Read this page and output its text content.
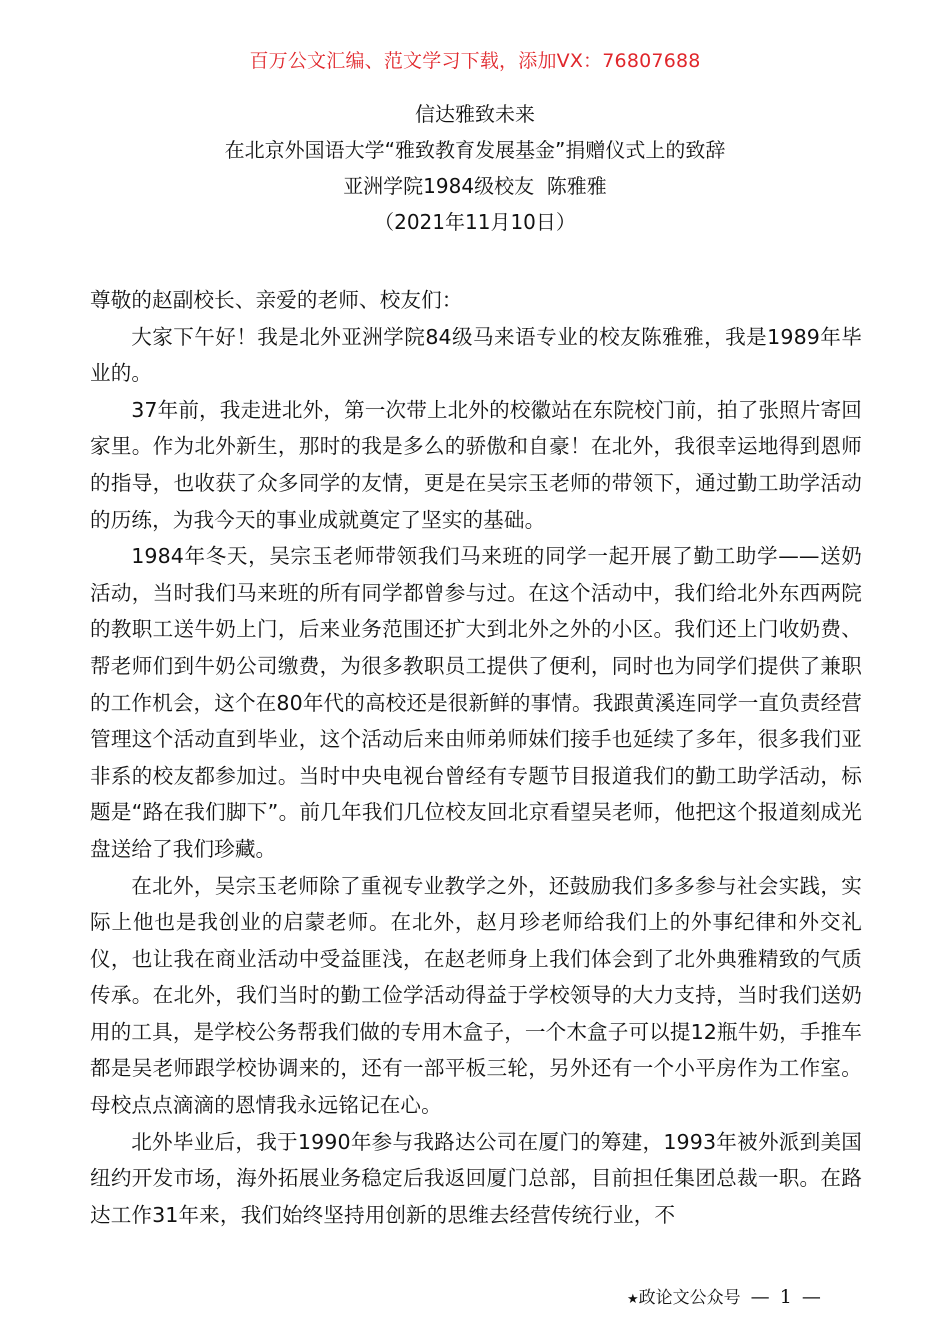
百万公文汇编、范文学习下载，添加VX：76807688
信达雅致未来
在北京外国语大学“雅致教育发展基金”捐赠仪式上的致辞
亚洲学院1984级校友  陈雅雅
（2021年11月10日）

尊敬的赵副校长、亲爱的老师、校友们：

大家下午好！我是北外亚洲学院84级马来语专业的校友陈雅雅，我是1989年毕业的。

37年前，我走进北外，第一次带上北外的校徽站在东院校门前，拍了张照片寄回家里。作为北外新生，那时的我是多么的骄傲和自豪！在北外，我很幸运地得到恩师的指导，也收获了众多同学的友情，更是在吴宗玉老师的带领下，通过勤工助学活动的历练，为我今天的事业成就奠定了坚实的基础。

1984年冬天，吴宗玉老师带领我们马来班的同学一起开展了勤工助学——送奶活动，当时我们马来班的所有同学都曾参与过。在这个活动中，我们给北外东西两院的教职工送牛奶上门，后来业务范围还扩大到北外之外的小区。我们还上门收奶费、帮老师们到牛奶公司缴费，为很多教职员工提供了便利，同时也为同学们提供了兼职的工作机会，这个在80年代的高校还是很新鲜的事情。我跟黄溪连同学一直负责经营管理这个活动直到毕业，这个活动后来由师弟师妹们接手也延续了多年，很多我们亚非系的校友都参加过。当时中央电视台曾经有专题节目报道我们的勤工助学活动，标题是“路在我们脚下”。前几年我们几位校友回北京看望吴老师，他把这个报道刻成光盘送给了我们珍藏。

在北外，吴宗玉老师除了重视专业教学之外，还鼓励我们多多参与社会实践，实际上他也是我创业的启蒙老师。在北外，赵月珍老师给我们上的外事纪律和外交礼仪，也让我在商业活动中受益匪浅，在赵老师身上我们体会到了北外典雅精致的气质传承。在北外，我们当时的勤工俭学活动得益于学校领导的大力支持，当时我们送奶用的工具，是学校公务帮我们做的专用木盒子，一个木盒子可以提12瓶牛奶，手推车都是吴老师跟学校协调来的，还有一部平板三轮，另外还有一个小平房作为工作室。母校点点滴滴的恩情我永远铭记在心。

北外毕业后，我于1990年参与我路达公司在厦门的筹建，1993年被外派到美国纽约开发市场，海外拓展业务稳定后我返回厦门总部，目前担任集团总裁一职。在路达工作31年来，我们始终坚持用创新的思维去经营传统行业，不

★政论文公众号 — 1 —
